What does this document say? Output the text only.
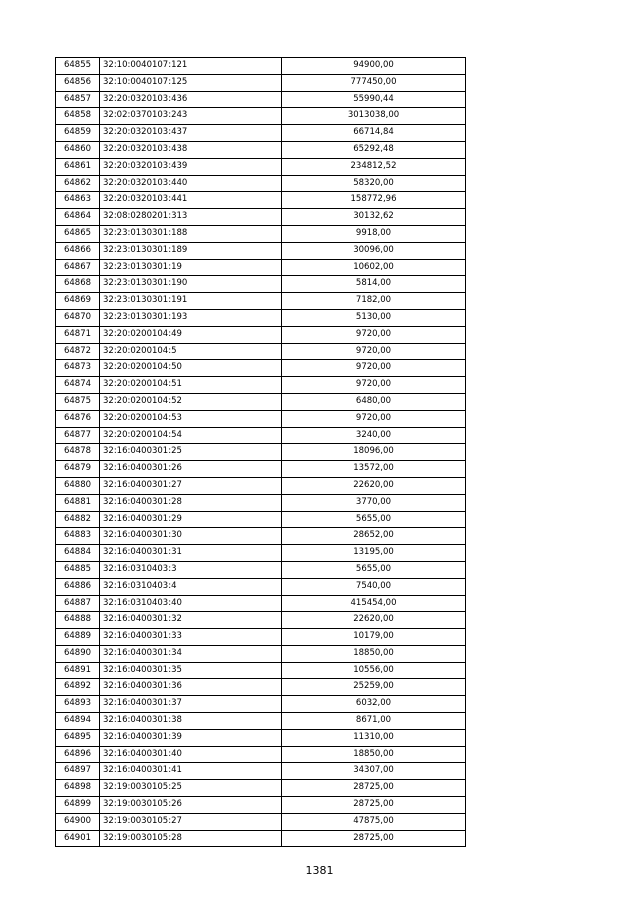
64855	32:10:0040107:121	94900,00
64856	32:10:0040107:125	777450,00
64857	32:20:0320103:436	55990,44
64858	32:02:0370103:243	3013038,00
64859	32:20:0320103:437	66714,84
64860	32:20:0320103:438	65292,48
64861	32:20:0320103:439	234812,52
64862	32:20:0320103:440	58320,00
64863	32:20:0320103:441	158772,96
64864	32:08:0280201:313	30132,62
64865	32:23:0130301:188	9918,00
64866	32:23:0130301:189	30096,00
64867	32:23:0130301:19	10602,00
64868	32:23:0130301:190	5814,00
64869	32:23:0130301:191	7182,00
64870	32:23:0130301:193	5130,00
64871	32:20:0200104:49	9720,00
64872	32:20:0200104:5	9720,00
64873	32:20:0200104:50	9720,00
64874	32:20:0200104:51	9720,00
64875	32:20:0200104:52	6480,00
64876	32:20:0200104:53	9720,00
64877	32:20:0200104:54	3240,00
64878	32:16:0400301:25	18096,00
64879	32:16:0400301:26	13572,00
64880	32:16:0400301:27	22620,00
64881	32:16:0400301:28	3770,00
64882	32:16:0400301:29	5655,00
64883	32:16:0400301:30	28652,00
64884	32:16:0400301:31	13195,00
64885	32:16:0310403:3	5655,00
64886	32:16:0310403:4	7540,00
64887	32:16:0310403:40	415454,00
64888	32:16:0400301:32	22620,00
64889	32:16:0400301:33	10179,00
64890	32:16:0400301:34	18850,00
64891	32:16:0400301:35	10556,00
64892	32:16:0400301:36	25259,00
64893	32:16:0400301:37	6032,00
64894	32:16:0400301:38	8671,00
64895	32:16:0400301:39	11310,00
64896	32:16:0400301:40	18850,00
64897	32:16:0400301:41	34307,00
64898	32:19:0030105:25	28725,00
64899	32:19:0030105:26	28725,00
64900	32:19:0030105:27	47875,00
64901	32:19:0030105:28	28725,00
1381
